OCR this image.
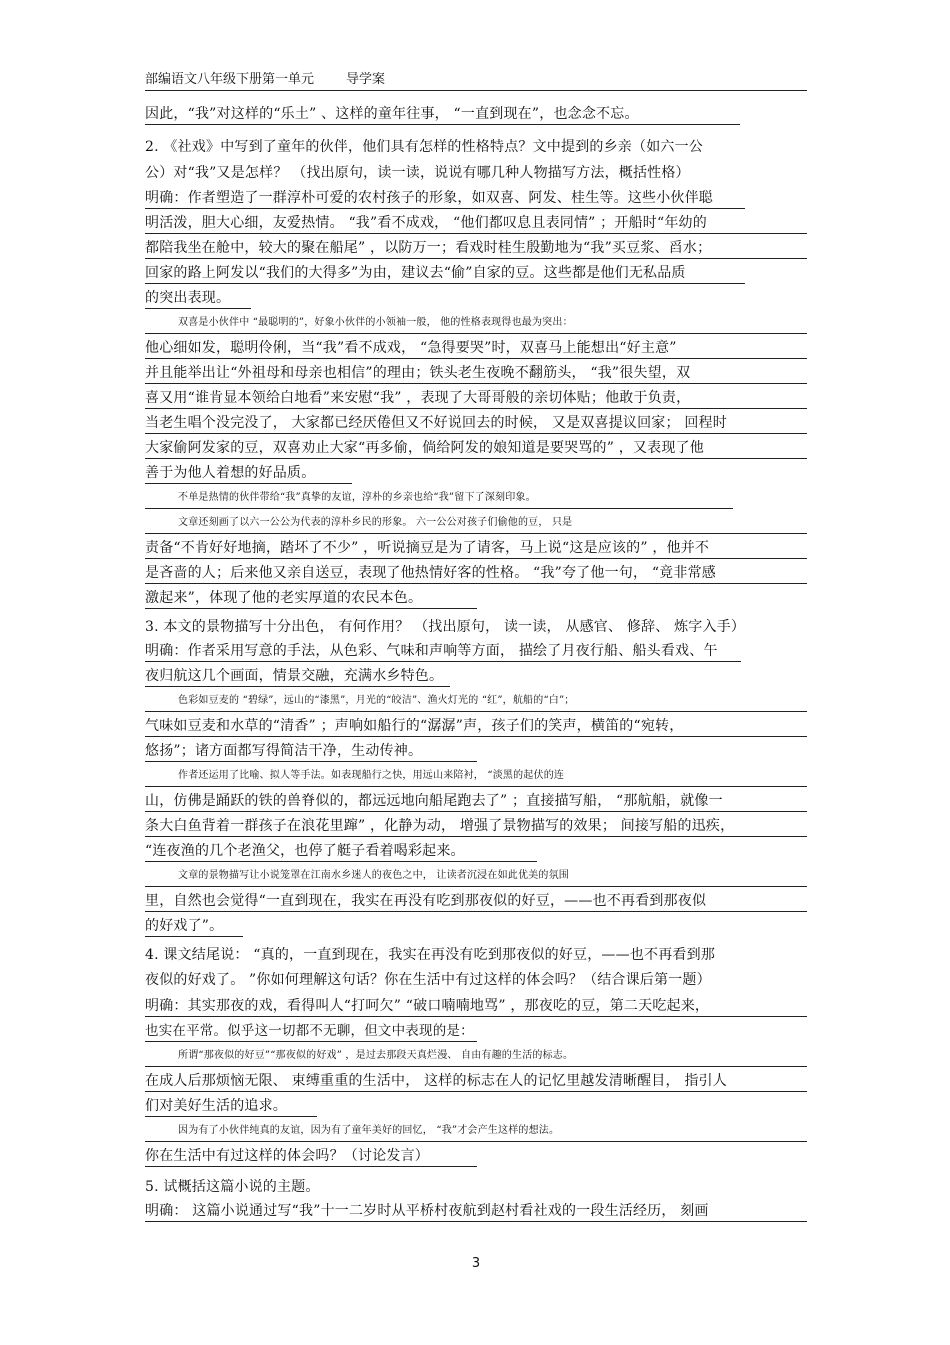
部编语文八年级下册第一单元 导学案
因此，“我”对这样的“乐土” 、这样的童年往事， “一直到现在”，也念念不忘。
2. 《社戏》中写到了童年的伙伴，他们具有怎样的性格特点？文中提到的乡亲（如六一公
公）对“我”又是怎样？ （找出原句，读一读，说说有哪几种人物描写方法，概括性格）
明确：作者塑造了一群淳朴可爱的农村孩子的形象，如双喜、阿发、桂生等。这些小伙伴聪
明活泼，胆大心细，友爱热情。 “我”看不成戏， “他们都叹息且表同情” ；开船时“年幼的
都陪我坐在舱中，较大的聚在船尾” ，以防万一；看戏时桂生殷勤地为“我”买豆浆、舀水；
回家的路上阿发以“我们的大得多”为由，建议去“偷”自家的豆。这些都是他们无私品质
的突出表现。
双喜是小伙伴中 “最聪明的”，好象小伙伴的小领袖一般， 他的性格表现得也最为突出：
他心细如发，聪明伶俐，当“我”看不成戏， “急得要哭”时，双喜马上能想出“好主意”
并且能举出让“外祖母和母亲也相信”的理由；铁头老生夜晚不翻筋头， “我”很失望，双
喜又用“谁肯显本领给白地看”来安慰“我” ，表现了大哥哥般的亲切体贴；他敢于负责，
当老生唱个没完没了， 大家都已经厌倦但又不好说回去的时候， 又是双喜提议回家； 回程时
大家偷阿发家的豆，双喜劝止大家“再多偷，倘给阿发的娘知道是要哭骂的” ，又表现了他
善于为他人着想的好品质。
不单是热情的伙伴带给“我”真挚的友谊，淳朴的乡亲也给“我”留下了深刻印象。
文章还刻画了以六一公公为代表的淳朴乡民的形象。 六一公公对孩子们偷他的豆， 只是
责备“不肯好好地摘，踏坏了不少” ，听说摘豆是为了请客，马上说“这是应该的” ，他并不
是吝啬的人；后来他又亲自送豆，表现了他热情好客的性格。 “我”夸了他一句， “竟非常感
激起来”，体现了他的老实厚道的农民本色。
3. 本文的景物描写十分出色， 有何作用？ （找出原句， 读一读， 从感官、 修辞、 炼字入手）
明确：作者采用写意的手法，从色彩、气味和声响等方面， 描绘了月夜行船、船头看戏、午
夜归航这几个画面，情景交融，充满水乡特色。
色彩如豆麦的 “碧绿”，远山的“漆黑”，月光的“皎洁”、渔火灯光的 “红”，航船的“白”；
气味如豆麦和水草的“清香” ；声响如船行的“潺潺”声，孩子们的笑声，横笛的“宛转，
悠扬”；诸方面都写得简洁干净，生动传神。
作者还运用了比喻、拟人等手法。如表现船行之快，用远山来陪衬， “淡黑的起伏的连
山，仿佛是踊跃的铁的兽脊似的，都远远地向船尾跑去了” ；直接描写船， “那航船，就像一
条大白鱼背着一群孩子在浪花里蹿” ，化静为动， 增强了景物描写的效果； 间接写船的迅疾，
“连夜渔的几个老渔父，也停了艇子看着喝彩起来。
文章的景物描写让小说笼罩在江南水乡迷人的夜色之中， 让读者沉浸在如此优美的氛围
里，自然也会觉得“一直到现在，我实在再没有吃到那夜似的好豆，——也不再看到那夜似
的好戏了”。
4. 课文结尾说： “真的，一直到现在，我实在再没有吃到那夜似的好豆，——也不再看到那
夜似的好戏了。 ”你如何理解这句话？你在生活中有过这样的体会吗？（结合课后第一题）
明确：其实那夜的戏，看得叫人“打呵欠” “破口喃喃地骂” ，那夜吃的豆，第二天吃起来，
也实在平常。似乎这一切都不无聊，但文中表现的是：
所谓“那夜似的好豆”“那夜似的好戏” ，是过去那段天真烂漫、 自由有趣的生活的标志。
在成人后那烦恼无限、 束缚重重的生活中， 这样的标志在人的记忆里越发清晰醒目， 指引人
们对美好生活的追求。
因为有了小伙伴纯真的友谊，因为有了童年美好的回忆， “我”才会产生这样的想法。
你在生活中有过这样的体会吗？（讨论发言）
5. 试概括这篇小说的主题。
明确： 这篇小说通过写“我”十一二岁时从平桥村夜航到赵村看社戏的一段生活经历， 刻画
3
